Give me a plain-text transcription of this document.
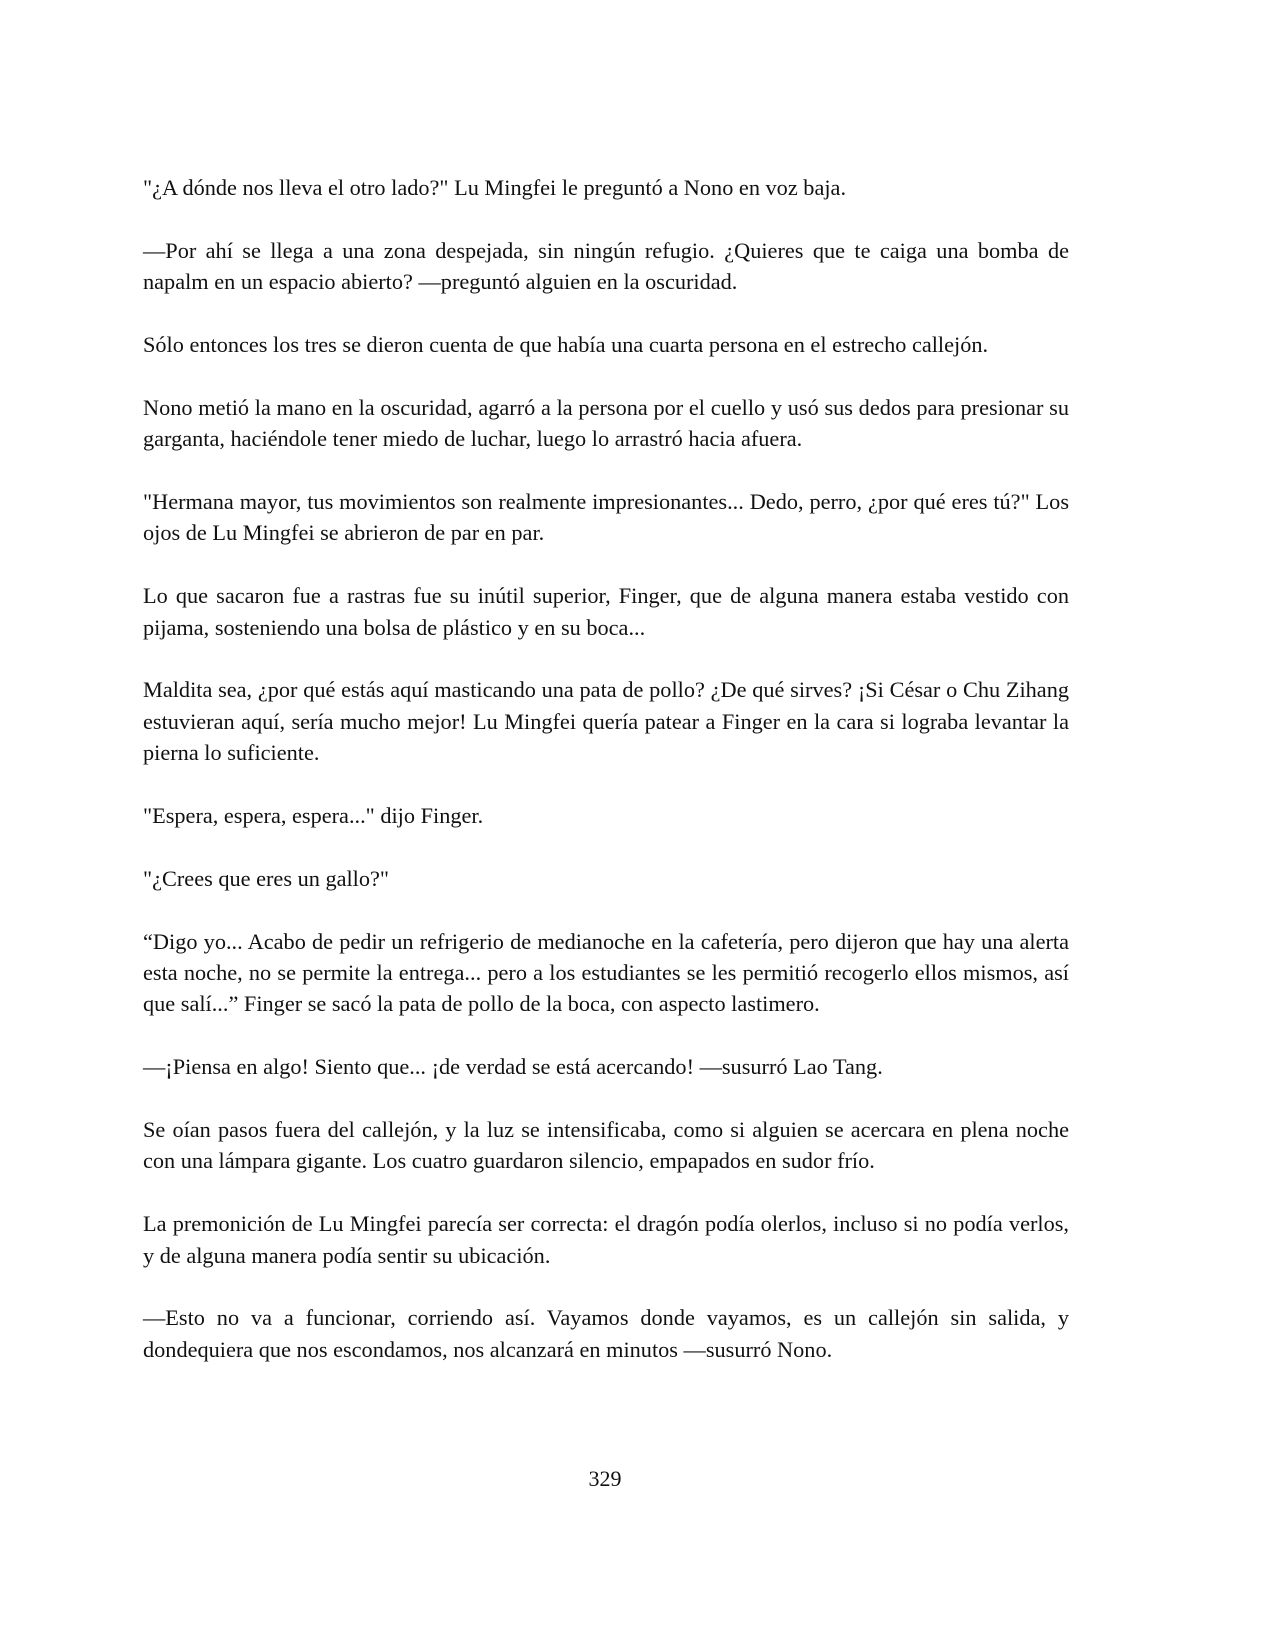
"¿A dónde nos lleva el otro lado?" Lu Mingfei le preguntó a Nono en voz baja.

—Por ahí se llega a una zona despejada, sin ningún refugio. ¿Quieres que te caiga una bomba de napalm en un espacio abierto? —preguntó alguien en la oscuridad.

Sólo entonces los tres se dieron cuenta de que había una cuarta persona en el estrecho callejón.

Nono metió la mano en la oscuridad, agarró a la persona por el cuello y usó sus dedos para presionar su garganta, haciéndole tener miedo de luchar, luego lo arrastró hacia afuera.

"Hermana mayor, tus movimientos son realmente impresionantes... Dedo, perro, ¿por qué eres tú?" Los ojos de Lu Mingfei se abrieron de par en par.

Lo que sacaron fue a rastras fue su inútil superior, Finger, que de alguna manera estaba vestido con pijama, sosteniendo una bolsa de plástico y en su boca...

Maldita sea, ¿por qué estás aquí masticando una pata de pollo? ¿De qué sirves? ¡Si César o Chu Zihang estuvieran aquí, sería mucho mejor! Lu Mingfei quería patear a Finger en la cara si lograba levantar la pierna lo suficiente.

"Espera, espera, espera..." dijo Finger.

"¿Crees que eres un gallo?"

“Digo yo... Acabo de pedir un refrigerio de medianoche en la cafetería, pero dijeron que hay una alerta esta noche, no se permite la entrega... pero a los estudiantes se les permitió recogerlo ellos mismos, así que salí...” Finger se sacó la pata de pollo de la boca, con aspecto lastimero.

—¡Piensa en algo! Siento que... ¡de verdad se está acercando! —susurró Lao Tang.

Se oían pasos fuera del callejón, y la luz se intensificaba, como si alguien se acercara en plena noche con una lámpara gigante. Los cuatro guardaron silencio, empapados en sudor frío.

La premonición de Lu Mingfei parecía ser correcta: el dragón podía olerlos, incluso si no podía verlos, y de alguna manera podía sentir su ubicación.

—Esto no va a funcionar, corriendo así. Vayamos donde vayamos, es un callejón sin salida, y dondequiera que nos escondamos, nos alcanzará en minutos —susurró Nono.

329
